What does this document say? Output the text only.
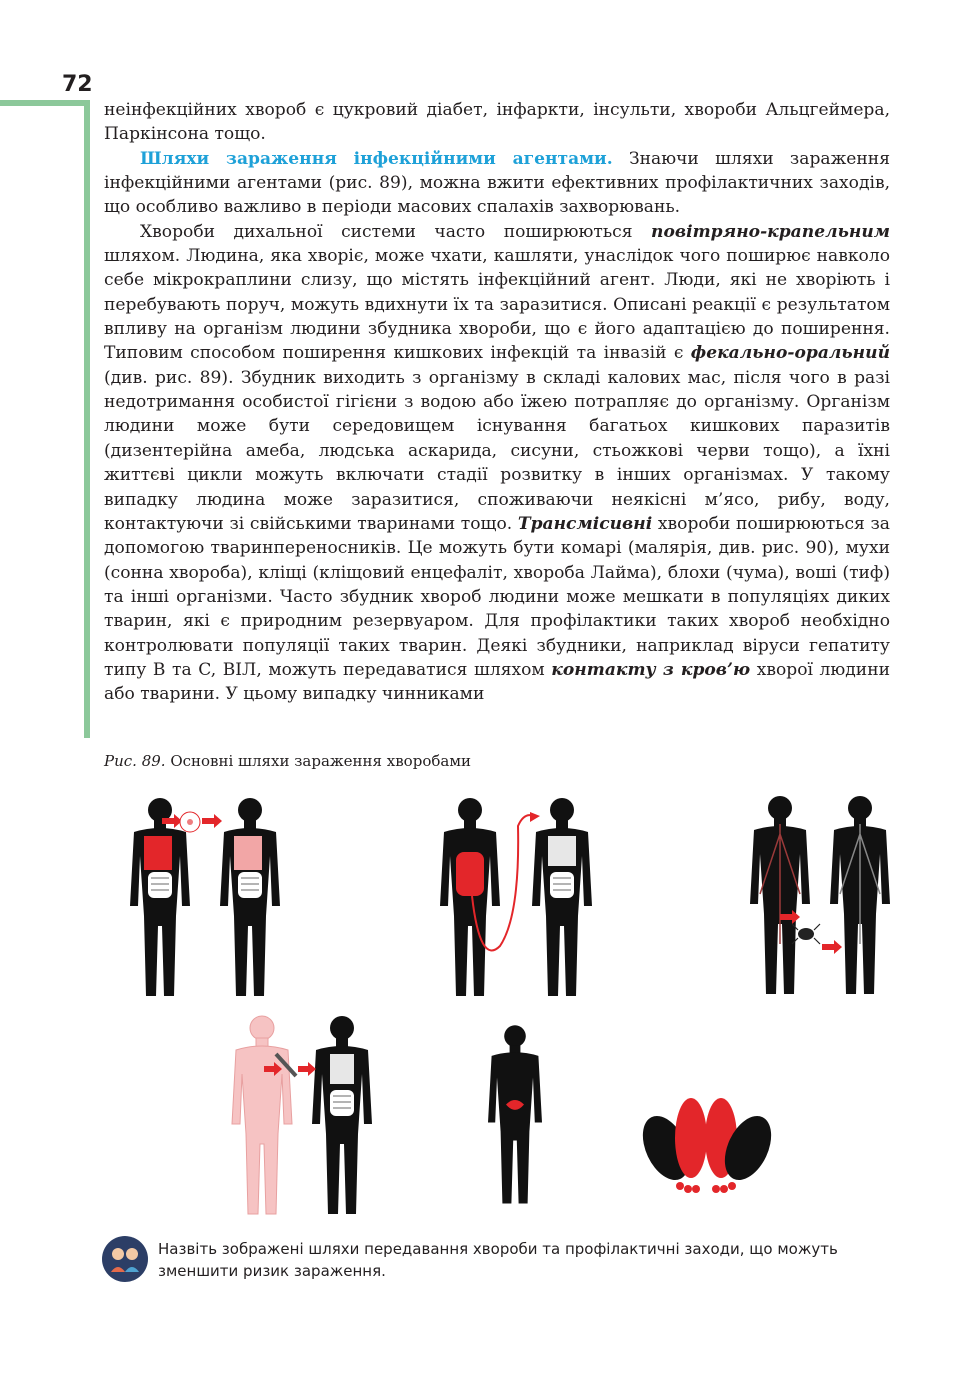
72

неінфекційних хвороб є цукровий діабет, інфаркти, інсульти, хвороби Альцгеймера, Паркінсона тощо.

Шляхи зараження інфекційними агентами. Знаючи шляхи зараження інфекційними агентами (рис. 89), можна вжити ефективних профілактичних заходів, що особливо важливо в періоди масових спалахів захворювань.

Хвороби дихальної системи часто поширюються повітряно-крапельним шляхом. Людина, яка хворіє, може чхати, кашляти, унаслідок чого поширює навколо себе мікрокраплини слизу, що містять інфекційний агент. Люди, які не хворіють і перебувають поруч, можуть вдихнути їх та заразитися. Описані реакції є результатом впливу на організм людини збудника хвороби, що є його адаптацією до поширення. Типовим способом поширення кишкових інфекцій та інвазій є фекально-оральний (див. рис. 89). Збудник виходить з організму в складі калових мас, після чого в разі недотримання особистої гігієни з водою або їжею потрапляє до організму. Організм людини може бути середовищем існування багатьох кишкових паразитів (дизентерійна амеба, людська аскарида, сисуни, стьожкові черви тощо), а їхні життєві цикли можуть включати стадії розвитку в інших організмах. У такому випадку людина може заразитися, споживаючи неякісні м’ясо, рибу, воду, контактуючи зі свійськими тваринами тощо. Трансмісивні хвороби поширюються за допомогою тваринпереносників. Це можуть бути комарі (малярія, див. рис. 90), мухи (сонна хвороба), кліщі (кліщовий енцефаліт, хвороба Лайма), блохи (чума), воші (тиф) та інші організми. Часто збудник хвороб людини може мешкати в популяціях диких тварин, які є природним резервуаром. Для профілактики таких хвороб необхідно контролювати популяції таких тварин. Деякі збудники, наприклад віруси гепатиту типу B та C, ВІЛ, можуть передаватися шляхом контакту з кров’ю хворої людини або тварини. У цьому випадку чинниками

Рис. 89. Основні шляхи зараження хворобами
Назвіть зображені шляхи передавання хвороби та профілактичні заходи, що можуть зменшити ризик зараження.
